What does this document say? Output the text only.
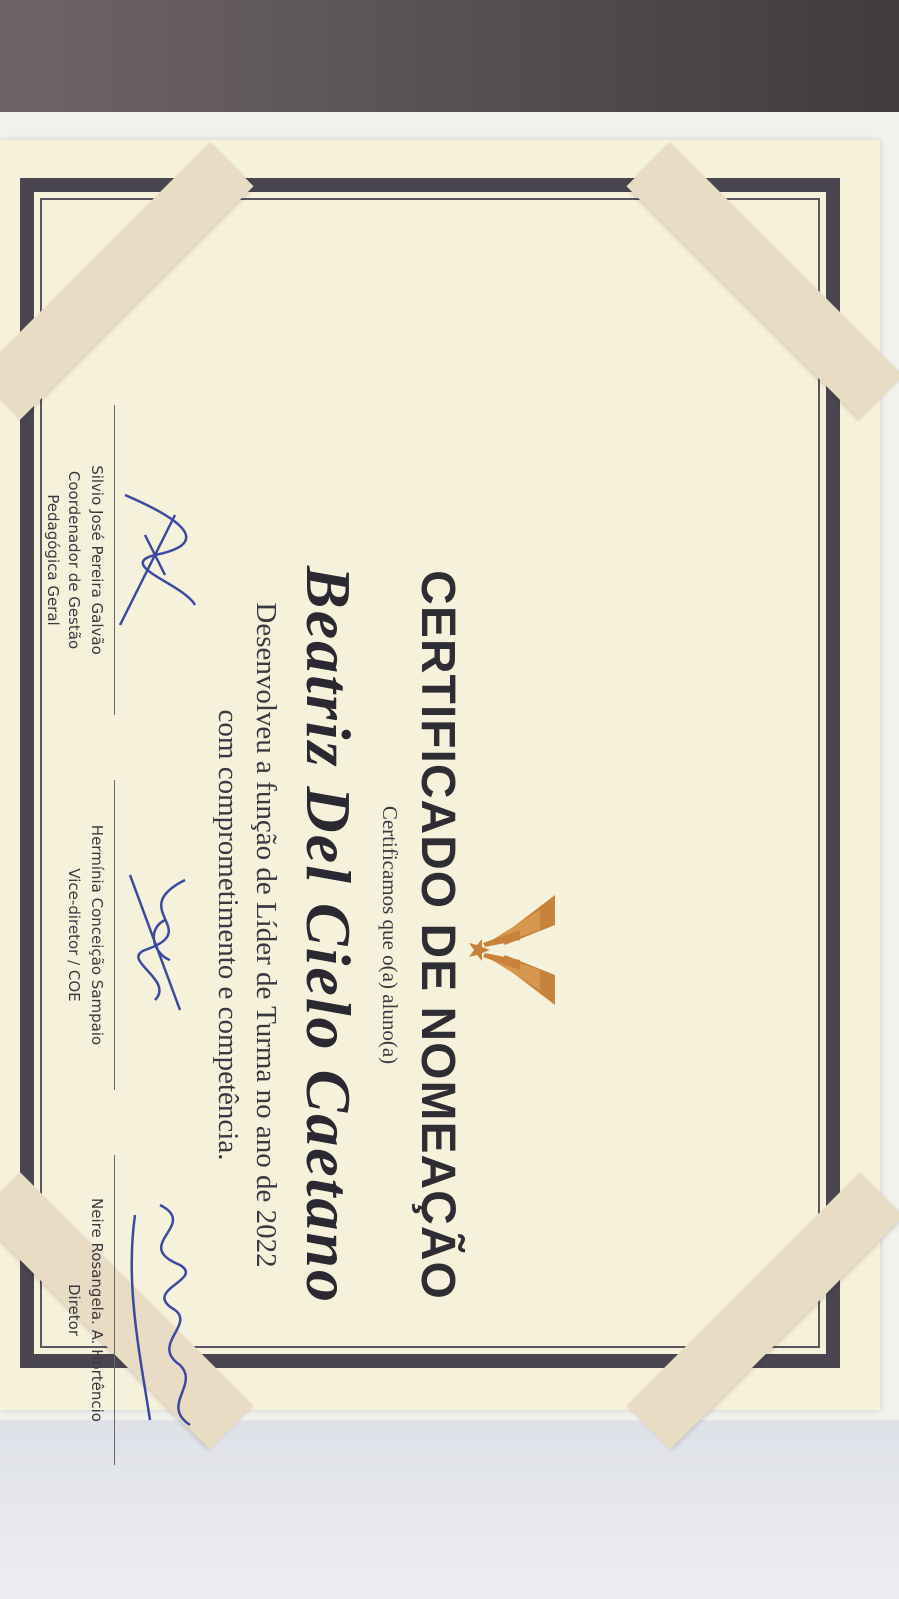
CERTIFICADO DE NOMEAÇÃO
Certificamos que o(a) aluno(a)
Beatriz Del Cielo Caetano
Desenvolveu a função de Líder de Turma no ano de 2022
com comprometimento e competência.
Silvio José Pereira Galvão
Coordenador de Gestão
Pedagógica Geral
Hermínia Conceição Sampaio
Vice-diretor / COE
Neire Rosangela. A. Hortêncio
Diretor
